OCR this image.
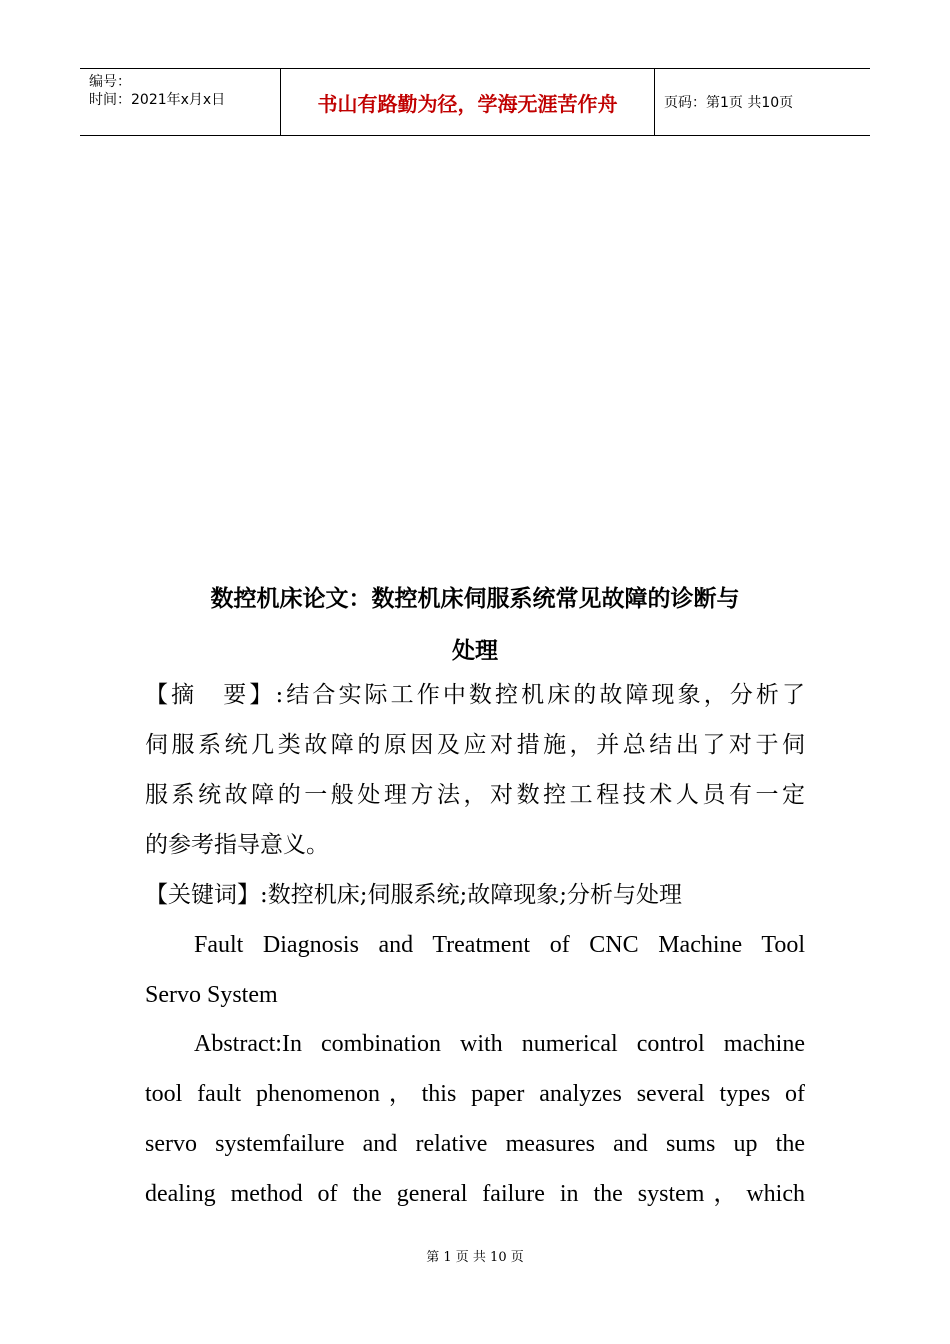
编号：
时间：2021年x月x日	书山有路勤为径，学海无涯苦作舟	页码：第1页 共10页
数控机床论文：数控机床伺服系统常见故障的诊断与
处理
【摘　要】:结合实际工作中数控机床的故障现象，分析了
伺服系统几类故障的原因及应对措施，并总结出了对于伺
服系统故障的一般处理方法，对数控工程技术人员有一定
的参考指导意义。
【关键词】:数控机床;伺服系统;故障现象;分析与处理
Fault Diagnosis and Treatment of CNC Machine Tool
Servo System
Abstract:In combination with numerical control machine
tool fault phenomenon，this paper analyzes several types of
servo systemfailure and relative measures and sums up the
dealing method of the general failure in the system，which
第 1 页 共 10 页
